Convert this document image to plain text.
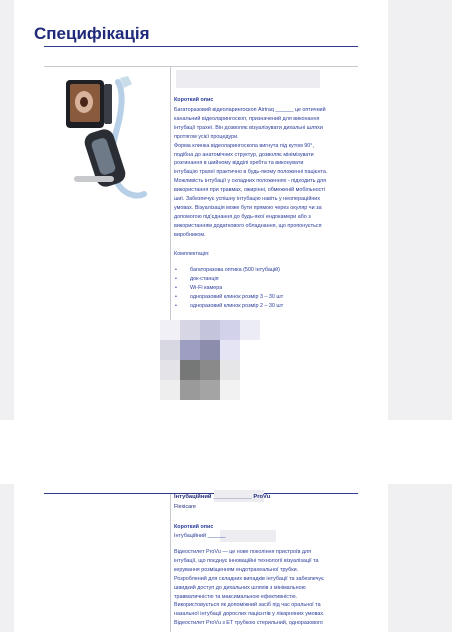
Специфікація
Короткий опис
Багаторазовий відеоларингоскоп Airtraq ______ це оптичний
канальний відеоларингоскоп, призначений для виконання
інтубації трахеї. Він дозволяє візуалізувати дихальні шляхи
протягом усієї процедури.
Форма клинка відеоларингоскопа вигнута під кутом 90°,
подібна до анатомічних структур, дозволяє мінімізувати
розгинання в шийному відділі хребта та виконувати
інтубацію трахеї практично в будь-якому положенні пацієнта.
Можливість інтубації у складних положеннях - підходить для
використання при травмах, ожирінні, обмеженій мобільності
шиї. Забезпечує успішну інтубацію навіть у неоперaційних
умовах. Візуалізація може бути прямою через окуляр чи за
допомогою під'єднання до будь-якої ендокамери або з
використанням додаткового обладнання, що пропонується
виробником.
Комплектація:
• багаторазова оптика (500 інтубацій)
• док-станція
• Wi-Fi камера
• одноразовий клинок розмір 3 – 30 шт
• одноразовий клинок розмір 2 – 30 шт
Інтубаційний ____________ ProVu
Flexicare
Короткий опис
Інтубаційний ______
Відеостилет ProVu — це нове покоління пристроїв для
інтубації, що поєднує інноваційні технології візуалізації та
керування розміщенням ендотрахеальної трубки.
Розроблений для складних випадків інтубації та забезпечує
швидкий доступ до дихальних шляхів з мінімальною
травматичністю та максимальною ефективністю.
Використовується як допоміжний засіб під час оральної та
назальної інтубації дорослих пацієнтів у лікарняних умовах.
Відеостилет ProVu з ET трубкою стерильний, одноразового
